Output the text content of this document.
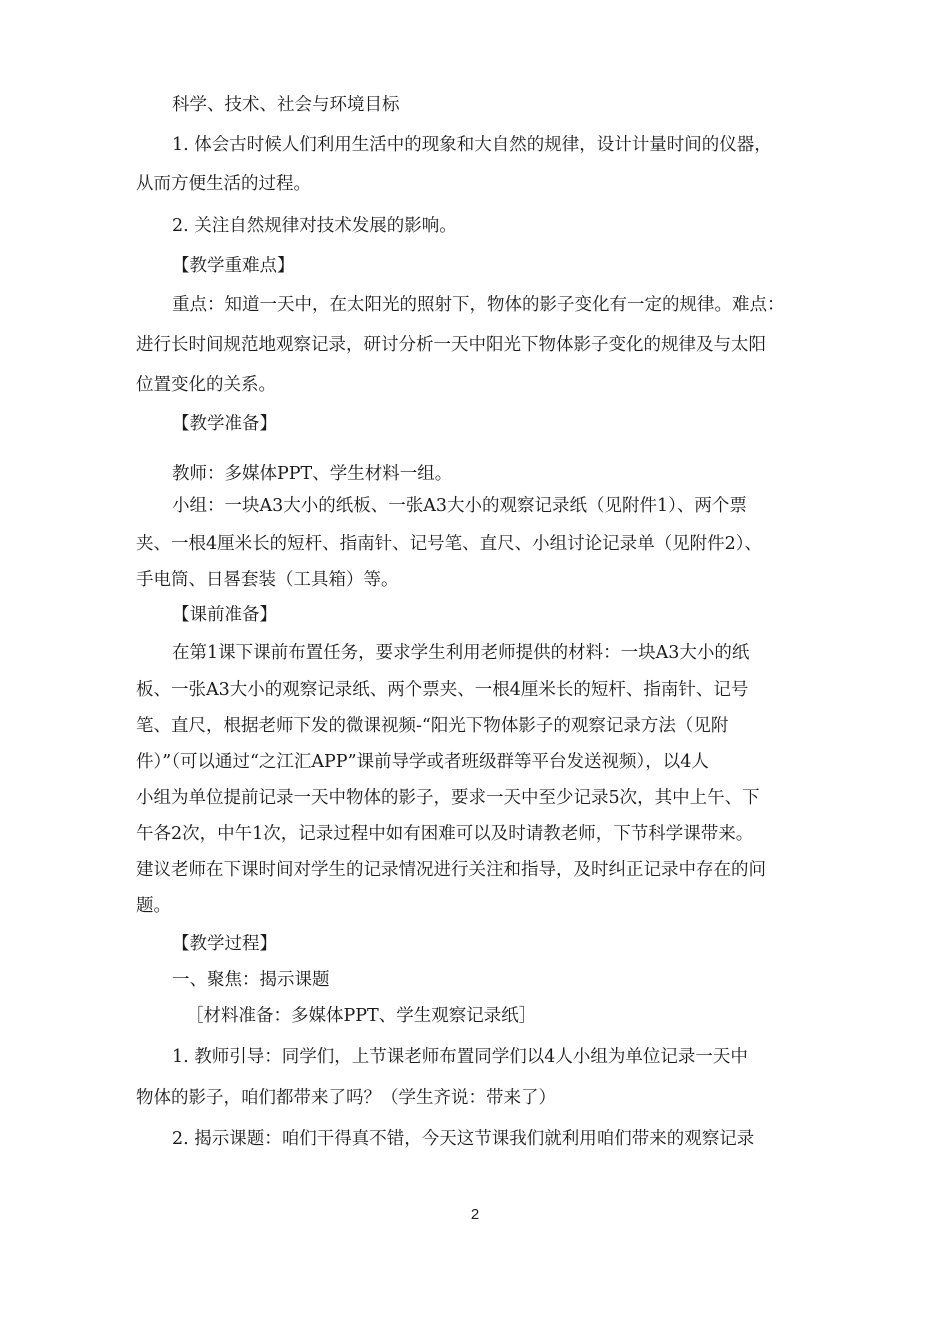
科学、技术、社会与环境目标

1. 体会古时候人们利用生活中的现象和大自然的规律，设计计量时间的仪器，

从而方便生活的过程。

2. 关注自然规律对技术发展的影响。

【教学重难点】

重点：知道一天中，在太阳光的照射下，物体的影子变化有一定的规律。难点：

进行长时间规范地观察记录，研讨分析一天中阳光下物体影子变化的规律及与太阳

位置变化的关系。

【教学准备】

教师：多媒体PPT、学生材料一组。

小组：一块A3大小的纸板、一张A3大小的观察记录纸（见附件1）、两个票

夹、一根4厘米长的短杆、指南针、记号笔、直尺、小组讨论记录单（见附件2）、

手电筒、日晷套装（工具箱）等。

【课前准备】

在第1课下课前布置任务，要求学生利用老师提供的材料：一块A3大小的纸

板、一张A3大小的观察记录纸、两个票夹、一根4厘米长的短杆、指南针、记号

笔、直尺，根据老师下发的微课视频-“阳光下物体影子的观察记录方法（见附

件）”（可以通过“之江汇APP”课前导学或者班级群等平台发送视频），以4人

小组为单位提前记录一天中物体的影子，要求一天中至少记录5次，其中上午、下

午各2次，中午1次，记录过程中如有困难可以及时请教老师，下节科学课带来。

建议老师在下课时间对学生的记录情况进行关注和指导，及时纠正记录中存在的问

题。

【教学过程】

一、聚焦：揭示课题

［材料准备：多媒体PPT、学生观察记录纸］

1. 教师引导：同学们，上节课老师布置同学们以4人小组为单位记录一天中

物体的影子，咱们都带来了吗？（学生齐说：带来了）

2. 揭示课题：咱们干得真不错，今天这节课我们就利用咱们带来的观察记录

2
